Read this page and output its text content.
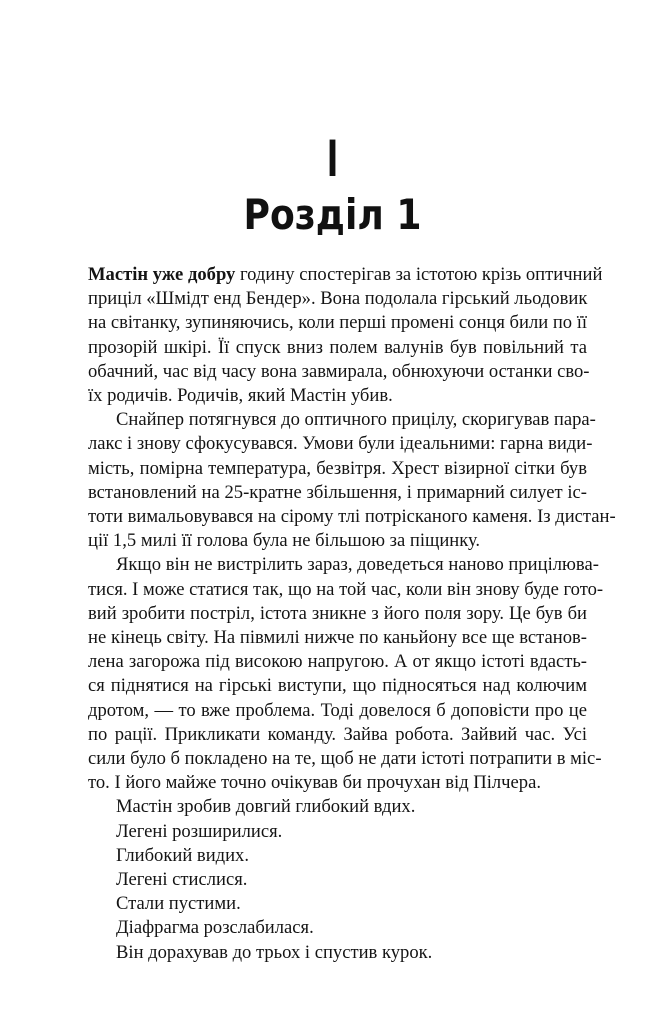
I
Розділ 1
Мастін уже добру годину спостерігав за істотою крізь оптичний
приціл «Шмідт енд Бендер». Вона подолала гірський льодовик
на світанку, зупиняючись, коли перші промені сонця били по її
прозорій шкірі. Її спуск вниз полем валунів був повільний та
обачний, час від часу вона завмирала, обнюхуючи останки сво-
їх родичів. Родичів, який Мастін убив.
Снайпер потягнувся до оптичного прицілу, скоригував пара-
лакс і знову сфокусувався. Умови були ідеальними: гарна види-
мість, помірна температура, безвітря. Хрест візирної сітки був
встановлений на 25-кратне збільшення, і примарний силует іс-
тоти вимальовувався на сірому тлі потрісканого каменя. Із дистан-
ції 1,5 милі її голова була не більшою за піщинку.
Якщо він не вистрілить зараз, доведеться наново прицілюва-
тися. І може статися так, що на той час, коли він знову буде гото-
вий зробити постріл, істота зникне з його поля зору. Це був би
не кінець світу. На півмилі нижче по каньйону все ще встанов-
лена загорожа під високою напругою. А от якщо істоті вдасть-
ся піднятися на гірські виступи, що підносяться над колючим
дротом, — то вже проблема. Тоді довелося б доповісти про це
по рації. Прикликати команду. Зайва робота. Зайвий час. Усі
сили було б покладено на те, щоб не дати істоті потрапити в міс-
то. І його майже точно очікував би прочухан від Пілчера.
Мастін зробив довгий глибокий вдих.
Легені розширилися.
Глибокий видих.
Легені стислися.
Стали пустими.
Діафрагма розслабилася.
Він дорахував до трьох і спустив курок.
